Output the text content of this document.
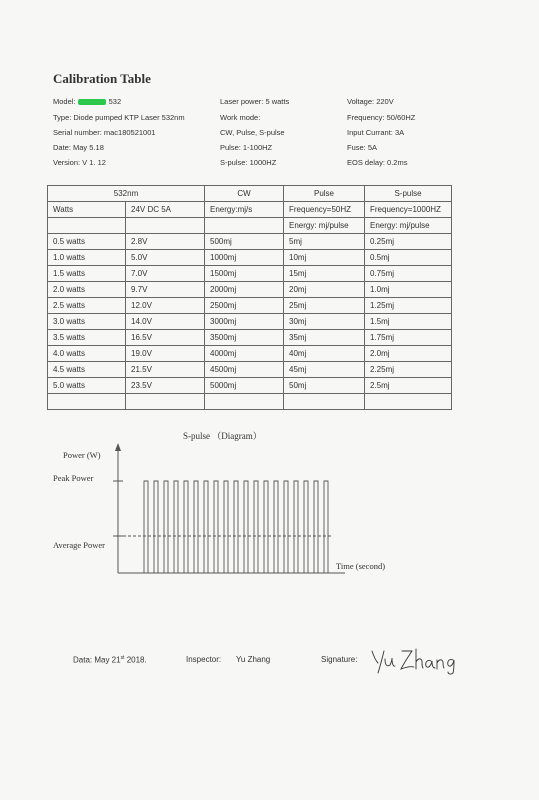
Calibration Table
Model:	532
Type: Diode pumped KTP Laser 532nm
Serial number: mac180521001
Date: May 5.18
Version: V 1. 12
Laser power: 5 watts
Work mode:
CW, Pulse, S-pulse
Pulse: 1-100HZ
S-pulse: 1000HZ
Voltage: 220V
Frequency: 50/60HZ
Input Currant: 3A
Fuse: 5A
EOS delay: 0.2ms
532nm		CW	Pulse	S-pulse
Watts	24V DC 5A	Energy:mj/s	Frequency=50HZ	Frequency=1000HZ
			Energy: mj/pulse	Energy: mj/pulse
0.5 watts	2.8V	500mj	5mj	0.25mj
1.0 watts	5.0V	1000mj	10mj	0.5mj
1.5 watts	7.0V	1500mj	15mj	0.75mj
2.0 watts	9.7V	2000mj	20mj	1.0mj
2.5 watts	12.0V	2500mj	25mj	1.25mj
3.0 watts	14.0V	3000mj	30mj	1.5mj
3.5 watts	16.5V	3500mj	35mj	1.75mj
4.0 watts	19.0V	4000mj	40mj	2.0mj
4.5 watts	21.5V	4500mj	45mj	2.25mj
5.0 watts	23.5V	5000mj	50mj	2.5mj

S-pulse （Diagram）
Power (W)
Peak Power
Average Power
Time (second)
Data: May 21st 2018.	Inspector: Yu Zhang	Signature:
